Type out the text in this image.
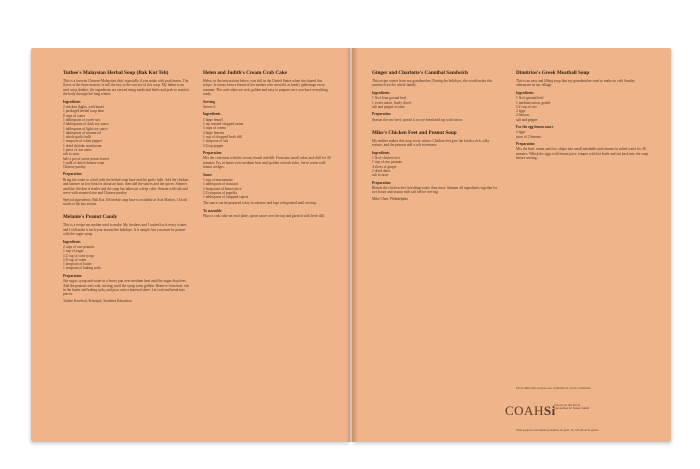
Tuthee's Malaysian Herbal Soup (Bak Kut Teh)

This is a favorite Chinese-Malaysian dish, especially if you make with pork bones. The flavor of the bone marrow is still the key to the success of this soup. My father is an avid soup drinker, the ingredients are stewed using medicinal herbs and pork to nourish the body through the long winter.

Ingredients
2 chicken thighs, with bones
1 packaged herbal soup base
8 cups of water
1 tablespoon of sweet soy
2 tablespoons of dark soy sauce
1 tablespoon of light soy sauce
1 tablespoon of sesame oil
1 whole garlic bulb
1 teaspoon of white pepper
1 dried shiitake mushroom
1 piece of star anise
salt to taste
half a pot of sweet potato leaves
1 stalk of dried chinese wine
Chinese parsley
Preparation

Bring the water to a boil with the herbal soup base and the garlic bulb. Add the chicken and simmer on low heat for about an hour, then add the sauces and the spices. Simmer until the chicken is tender and the soup has taken on a deep color. Season with salt and serve with steamed rice and Chinese parsley.

Special ingredients: Bak Kut Teh herbal soup base is available at Asia Market, 1 block south of the bus station.

Melanie's Peanut Candy

This is a recipe my mother used to make. My brothers and I waited for it every winter, and I still make it each year around the holidays. It is simple, but you must be patient with the sugar syrup.

Ingredients
2 cups of raw peanuts
1 cup of sugar
1/2 cup of corn syrup
1/4 cup of water
1 teaspoon of butter
1 teaspoon of baking soda
Preparation

Stir sugar, syrup and water in a heavy pan over medium heat until the sugar dissolves. Add the peanuts and cook, stirring, until the syrup turns golden. Remove from heat, stir in the butter and baking soda, and pour onto a buttered sheet. Let cool and break into pieces.

Tuthee Keselrod, Principal, Southern Education

Helen and Judith's Cream Crab Cake

Helen, in the instructions below, was still in the United States when she shared this recipe. It comes from a friend of her mother who served it at family gatherings every summer. The crab cakes are rich, golden and easy to prepare once you have everything ready.

Serving

Serves 6

Ingredients
1 large fennel
1 tsp roasted chopped onion
3 cups of cream
2 large lemons
1 cup of chopped fresh dill
1 teaspoon of salt
1/4 tsp pepper
Preparation

Mix the crab meat with the cream, fennel and dill. Form into small cakes and chill for 30 minutes. Fry in butter over medium heat until golden on both sides. Serve warm with lemon wedges.

Sauce
1 cup of mayonnaise
1 tablespoon of mustard
2 teaspoons of lemon juice
1/2 teaspoon of paprika
1 tablespoon of chopped capers

The sauce can be prepared a day in advance and kept refrigerated until serving.

To assemble

Place a crab cake on each plate, spoon sauce over the top and garnish with fresh dill.

Ginger and Charlotte's Cannibal Sandwich

This recipe comes from my grandmother. During the holidays, she would make this sandwich for the whole family.

Ingredients
1 lb of lean ground beef
1 sweet onion, finely diced
salt and pepper to taste
Preparation

Season the raw beef, spread it on rye bread and top with onion.

Mike's Chicken Feet and Peanut Soup

My mother makes this soup every winter. Chicken feet give the broth a rich, silky texture, and the peanuts add a soft sweetness.

Ingredients
1 lb of chicken feet
1 cup of raw peanuts
4 slices of ginger
2 dried dates
salt to taste
Preparation

Blanch the chicken feet in boiling water, then rinse. Simmer all ingredients together for two hours and season with salt before serving.

Mike Chen, Philadelphia

Dimitrios's Greek Meatball Soup

This is an easy and filling soup that my grandmother used to make on cold Sunday afternoons in our village.

Ingredients
1 lb of ground beef
1 medium onion, grated
1/2 cup of rice
2 eggs
2 lemons
salt and pepper
For the egg-lemon sauce
2 eggs
juice of 2 lemons
Preparation

Mix the beef, onion and rice, shape into small meatballs and simmer in salted water for 40 minutes. Whisk the eggs with lemon juice, temper with hot broth and stir back into the soup before serving.

More delicious recipes are available at www.coahsi.net
This project was made possible, in part, by a Folk Arts grant.
COAHSi
Council on the Arts & Humanities for Staten Island
